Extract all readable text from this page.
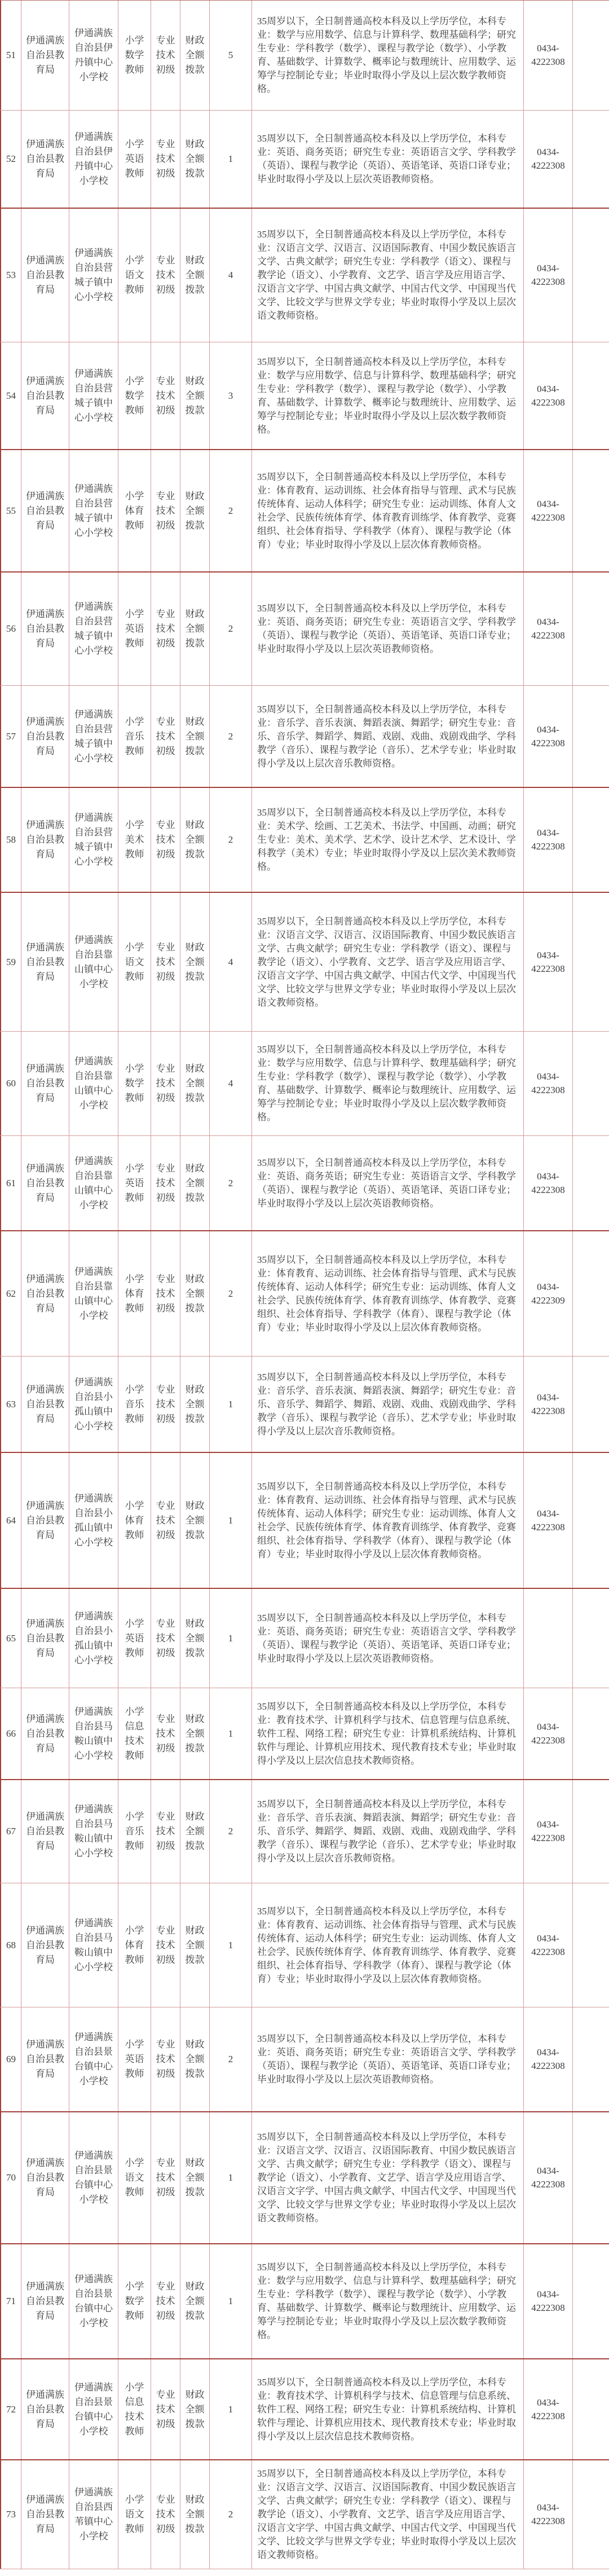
51
伊通满族自治县教育局
伊通满族自治县伊丹镇中心小学校
小学数学教师
专业技术初级
财政全额拨款
5
35周岁以下，全日制普通高校本科及以上学历学位，本科专业：数学与应用数学、信息与计算科学、数理基础科学；研究生专业：学科教学（数学）、课程与教学论（数学）、小学教育、基础数学、计算数学、概率论与数理统计、应用数学、运筹学与控制论专业；毕业时取得小学及以上层次数学教师资格。
0434-4222308
52
伊通满族自治县教育局
伊通满族自治县伊丹镇中心小学校
小学英语教师
专业技术初级
财政全额拨款
1
35周岁以下，全日制普通高校本科及以上学历学位，本科专业：英语、商务英语；研究生专业：英语语言文学、学科教学（英语）、课程与教学论（英语）、英语笔译、英语口译专业；毕业时取得小学及以上层次英语教师资格。
0434-4222308
53
伊通满族自治县教育局
伊通满族自治县营城子镇中心小学校
小学语文教师
专业技术初级
财政全额拨款
4
35周岁以下，全日制普通高校本科及以上学历学位，本科专业：汉语言文学、汉语言、汉语国际教育、中国少数民族语言文学、古典文献学；研究生专业：学科教学（语文）、课程与教学论（语文）、小学教育、文艺学、语言学及应用语言学、汉语言文字学、中国古典文献学、中国古代文学、中国现当代文学、比较文学与世界文学专业；毕业时取得小学及以上层次语文教师资格。
0434-4222308
54
伊通满族自治县教育局
伊通满族自治县营城子镇中心小学校
小学数学教师
专业技术初级
财政全额拨款
3
35周岁以下，全日制普通高校本科及以上学历学位，本科专业：数学与应用数学、信息与计算科学、数理基础科学；研究生专业：学科教学（数学）、课程与教学论（数学）、小学教育、基础数学、计算数学、概率论与数理统计、应用数学、运筹学与控制论专业；毕业时取得小学及以上层次数学教师资格。
0434-4222308
55
伊通满族自治县教育局
伊通满族自治县营城子镇中心小学校
小学体育教师
专业技术初级
财政全额拨款
2
35周岁以下，全日制普通高校本科及以上学历学位，本科专业：体育教育、运动训练、社会体育指导与管理、武术与民族传统体育、运动人体科学；研究生专业：运动训练、体育人文社会学、民族传统体育学、体育教育训练学、体育教学、竞赛组织、社会体育指导、学科教学（体育）、课程与教学论（体育）专业；毕业时取得小学及以上层次体育教师资格。
0434-4222308
56
伊通满族自治县教育局
伊通满族自治县营城子镇中心小学校
小学英语教师
专业技术初级
财政全额拨款
2
35周岁以下，全日制普通高校本科及以上学历学位，本科专业：英语、商务英语；研究生专业：英语语言文学、学科教学（英语）、课程与教学论（英语）、英语笔译、英语口译专业；毕业时取得小学及以上层次英语教师资格。
0434-4222308
57
伊通满族自治县教育局
伊通满族自治县营城子镇中心小学校
小学音乐教师
专业技术初级
财政全额拨款
2
35周岁以下，全日制普通高校本科及以上学历学位，本科专业：音乐学、音乐表演、舞蹈表演、舞蹈学；研究生专业：音乐、音乐学、舞蹈学、舞蹈、戏剧、戏曲、戏剧戏曲学、学科教学（音乐）、课程与教学论（音乐）、艺术学专业；毕业时取得小学及以上层次音乐教师资格。
0434-4222308
58
伊通满族自治县教育局
伊通满族自治县营城子镇中心小学校
小学美术教师
专业技术初级
财政全额拨款
2
35周岁以下，全日制普通高校本科及以上学历学位，本科专业：美术学、绘画、工艺美术、书法学、中国画、动画；研究生专业：美术、美术学、艺术学、设计艺术学、艺术设计、学科教学（美术）专业；毕业时取得小学及以上层次美术教师资格。
0434-4222308
59
伊通满族自治县教育局
伊通满族自治县靠山镇中心小学校
小学语文教师
专业技术初级
财政全额拨款
4
35周岁以下，全日制普通高校本科及以上学历学位，本科专业：汉语言文学、汉语言、汉语国际教育、中国少数民族语言文学、古典文献学；研究生专业：学科教学（语文）、课程与教学论（语文）、小学教育、文艺学、语言学及应用语言学、汉语言文字学、中国古典文献学、中国古代文学、中国现当代文学、比较文学与世界文学专业；毕业时取得小学及以上层次语文教师资格。
0434-4222308
60
伊通满族自治县教育局
伊通满族自治县靠山镇中心小学校
小学数学教师
专业技术初级
财政全额拨款
4
35周岁以下，全日制普通高校本科及以上学历学位，本科专业：数学与应用数学、信息与计算科学、数理基础科学；研究生专业：学科教学（数学）、课程与教学论（数学）、小学教育、基础数学、计算数学、概率论与数理统计、应用数学、运筹学与控制论专业；毕业时取得小学及以上层次数学教师资格。
0434-4222308
61
伊通满族自治县教育局
伊通满族自治县靠山镇中心小学校
小学英语教师
专业技术初级
财政全额拨款
2
35周岁以下，全日制普通高校本科及以上学历学位，本科专业：英语、商务英语；研究生专业：英语语言文学、学科教学（英语）、课程与教学论（英语）、英语笔译、英语口译专业；毕业时取得小学及以上层次英语教师资格。
0434-4222308
62
伊通满族自治县教育局
伊通满族自治县靠山镇中心小学校
小学体育教师
专业技术初级
财政全额拨款
2
35周岁以下，全日制普通高校本科及以上学历学位，本科专业：体育教育、运动训练、社会体育指导与管理、武术与民族传统体育、运动人体科学；研究生专业：运动训练、体育人文社会学、民族传统体育学、体育教育训练学、体育教学、竞赛组织、社会体育指导、学科教学（体育）、课程与教学论（体育）专业；毕业时取得小学及以上层次体育教师资格。
0434-4222309
63
伊通满族自治县教育局
伊通满族自治县小孤山镇中心小学校
小学音乐教师
专业技术初级
财政全额拨款
1
35周岁以下，全日制普通高校本科及以上学历学位，本科专业：音乐学、音乐表演、舞蹈表演、舞蹈学；研究生专业：音乐、音乐学、舞蹈学、舞蹈、戏剧、戏曲、戏剧戏曲学、学科教学（音乐）、课程与教学论（音乐）、艺术学专业；毕业时取得小学及以上层次音乐教师资格。
0434-4222308
64
伊通满族自治县教育局
伊通满族自治县小孤山镇中心小学校
小学体育教师
专业技术初级
财政全额拨款
1
35周岁以下，全日制普通高校本科及以上学历学位，本科专业：体育教育、运动训练、社会体育指导与管理、武术与民族传统体育、运动人体科学；研究生专业：运动训练、体育人文社会学、民族传统体育学、体育教育训练学、体育教学、竞赛组织、社会体育指导、学科教学（体育）、课程与教学论（体育）专业；毕业时取得小学及以上层次体育教师资格。
0434-4222308
65
伊通满族自治县教育局
伊通满族自治县小孤山镇中心小学校
小学英语教师
专业技术初级
财政全额拨款
1
35周岁以下，全日制普通高校本科及以上学历学位，本科专业：英语、商务英语；研究生专业：英语语言文学、学科教学（英语）、课程与教学论（英语）、英语笔译、英语口译专业；毕业时取得小学及以上层次英语教师资格。
66
伊通满族自治县教育局
伊通满族自治县马鞍山镇中心小学校
小学信息技术教师
专业技术初级
财政全额拨款
1
35周岁以下，全日制普通高校本科及以上学历学位，本科专业：教育技术学、计算机科学与技术、信息管理与信息系统、软件工程、网络工程；研究生专业：计算机系统结构、计算机软件与理论、计算机应用技术、现代教育技术专业；毕业时取得小学及以上层次信息技术教师资格。
0434-4222308
67
伊通满族自治县教育局
伊通满族自治县马鞍山镇中心小学校
小学音乐教师
专业技术初级
财政全额拨款
2
35周岁以下，全日制普通高校本科及以上学历学位，本科专业：音乐学、音乐表演、舞蹈表演、舞蹈学；研究生专业：音乐、音乐学、舞蹈学、舞蹈、戏剧、戏曲、戏剧戏曲学、学科教学（音乐）、课程与教学论（音乐）、艺术学专业；毕业时取得小学及以上层次音乐教师资格。
0434-4222308
68
伊通满族自治县教育局
伊通满族自治县马鞍山镇中心小学校
小学体育教师
专业技术初级
财政全额拨款
1
35周岁以下，全日制普通高校本科及以上学历学位，本科专业：体育教育、运动训练、社会体育指导与管理、武术与民族传统体育、运动人体科学；研究生专业：运动训练、体育人文社会学、民族传统体育学、体育教育训练学、体育教学、竞赛组织、社会体育指导、学科教学（体育）、课程与教学论（体育）专业；毕业时取得小学及以上层次体育教师资格。
0434-4222308
69
伊通满族自治县教育局
伊通满族自治县景台镇中心小学校
小学英语教师
专业技术初级
财政全额拨款
2
35周岁以下，全日制普通高校本科及以上学历学位，本科专业：英语、商务英语；研究生专业：英语语言文学、学科教学（英语）、课程与教学论（英语）、英语笔译、英语口译专业；毕业时取得小学及以上层次英语教师资格。
0434-4222308
70
伊通满族自治县教育局
伊通满族自治县景台镇中心小学校
小学语文教师
专业技术初级
财政全额拨款
1
35周岁以下，全日制普通高校本科及以上学历学位，本科专业：汉语言文学、汉语言、汉语国际教育、中国少数民族语言文学、古典文献学；研究生专业：学科教学（语文）、课程与教学论（语文）、小学教育、文艺学、语言学及应用语言学、汉语言文字学、中国古典文献学、中国古代文学、中国现当代文学、比较文学与世界文学专业；毕业时取得小学及以上层次语文教师资格。
0434-4222308
71
伊通满族自治县教育局
伊通满族自治县景台镇中心小学校
小学数学教师
专业技术初级
财政全额拨款
1
35周岁以下，全日制普通高校本科及以上学历学位，本科专业：数学与应用数学、信息与计算科学、数理基础科学；研究生专业：学科教学（数学）、课程与教学论（数学）、小学教育、基础数学、计算数学、概率论与数理统计、应用数学、运筹学与控制论专业；毕业时取得小学及以上层次数学教师资格。
0434-4222308
72
伊通满族自治县教育局
伊通满族自治县景台镇中心小学校
小学信息技术教师
专业技术初级
财政全额拨款
1
35周岁以下，全日制普通高校本科及以上学历学位，本科专业：教育技术学、计算机科学与技术、信息管理与信息系统、软件工程、网络工程；研究生专业：计算机系统结构、计算机软件与理论、计算机应用技术、现代教育技术专业；毕业时取得小学及以上层次信息技术教师资格。
0434-4222308
73
伊通满族自治县教育局
伊通满族自治县西苇镇中心小学校
小学语文教师
专业技术初级
财政全额拨款
2
35周岁以下，全日制普通高校本科及以上学历学位，本科专业：汉语言文学、汉语言、汉语国际教育、中国少数民族语言文学、古典文献学；研究生专业：学科教学（语文）、课程与教学论（语文）、小学教育、文艺学、语言学及应用语言学、汉语言文字学、中国古典文献学、中国古代文学、中国现当代文学、比较文学与世界文学专业；毕业时取得小学及以上层次语文教师资格。
0434-4222308
